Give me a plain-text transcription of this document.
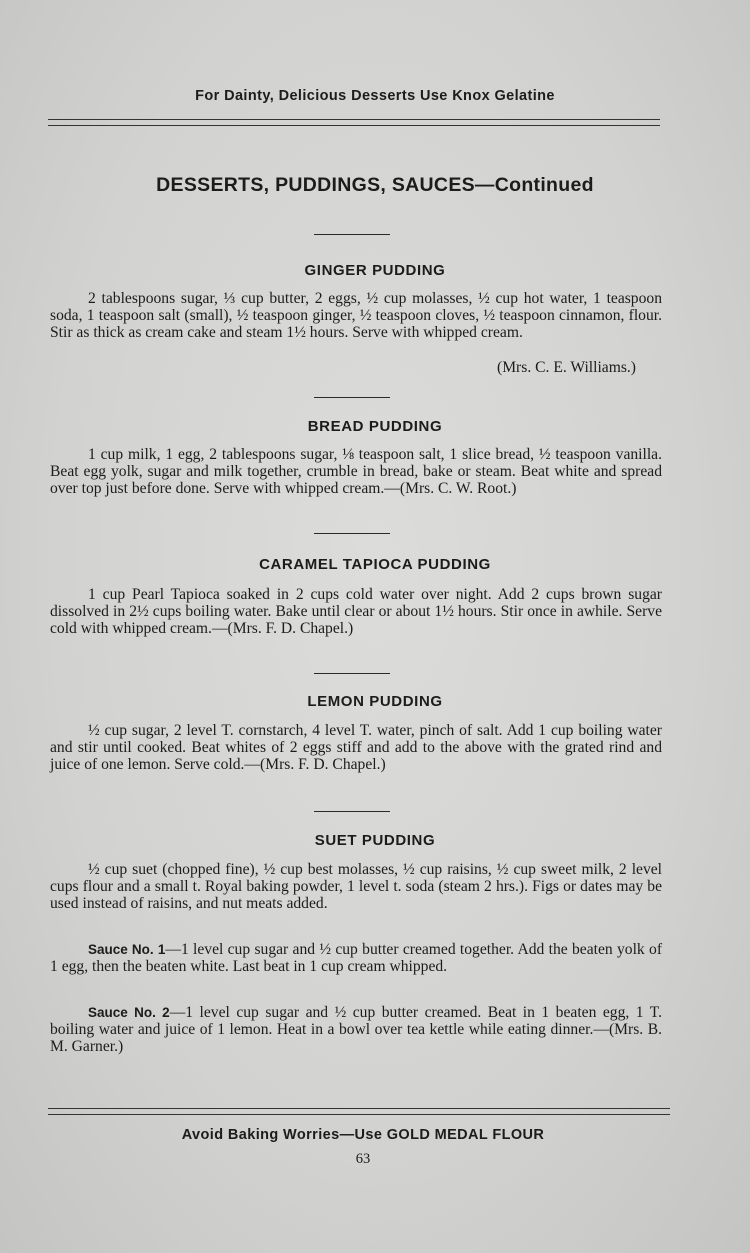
For Dainty, Delicious Desserts Use Knox Gelatine
DESSERTS, PUDDINGS, SAUCES—Continued
GINGER PUDDING
2 tablespoons sugar, ⅓ cup butter, 2 eggs, ½ cup molasses, ½ cup hot water, 1 teaspoon soda, 1 teaspoon salt (small), ½ teaspoon ginger, ½ teaspoon cloves, ½ teaspoon cinnamon, flour. Stir as thick as cream cake and steam 1½ hours. Serve with whipped cream.
(Mrs. C. E. Williams.)
BREAD PUDDING
1 cup milk, 1 egg, 2 tablespoons sugar, ⅛ teaspoon salt, 1 slice bread, ½ teaspoon vanilla. Beat egg yolk, sugar and milk together, crumble in bread, bake or steam. Beat white and spread over top just before done. Serve with whipped cream.—(Mrs. C. W. Root.)
CARAMEL TAPIOCA PUDDING
1 cup Pearl Tapioca soaked in 2 cups cold water over night. Add 2 cups brown sugar dissolved in 2½ cups boiling water. Bake until clear or about 1½ hours. Stir once in awhile. Serve cold with whipped cream.—(Mrs. F. D. Chapel.)
LEMON PUDDING
½ cup sugar, 2 level T. cornstarch, 4 level T. water, pinch of salt. Add 1 cup boiling water and stir until cooked. Beat whites of 2 eggs stiff and add to the above with the grated rind and juice of one lemon. Serve cold.—(Mrs. F. D. Chapel.)
SUET PUDDING
½ cup suet (chopped fine), ½ cup best molasses, ½ cup raisins, ½ cup sweet milk, 2 level cups flour and a small t. Royal baking powder, 1 level t. soda (steam 2 hrs.). Figs or dates may be used instead of raisins, and nut meats added.
Sauce No. 1—1 level cup sugar and ½ cup butter creamed together. Add the beaten yolk of 1 egg, then the beaten white. Last beat in 1 cup cream whipped.
Sauce No. 2—1 level cup sugar and ½ cup butter creamed. Beat in 1 beaten egg, 1 T. boiling water and juice of 1 lemon. Heat in a bowl over tea kettle while eating dinner.—(Mrs. B. M. Garner.)
Avoid Baking Worries—Use GOLD MEDAL FLOUR
63
